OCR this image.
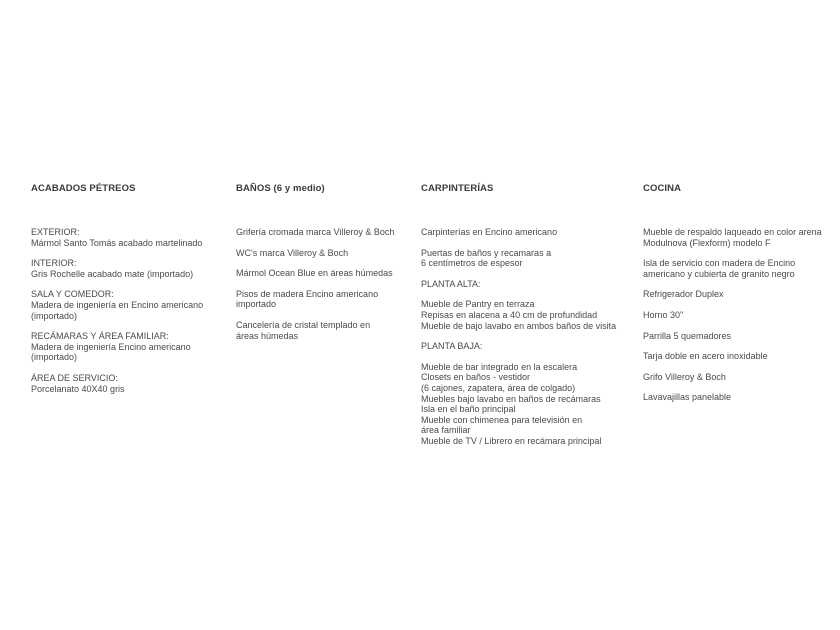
ACABADOS PÉTREOS

EXTERIOR:
Mármol Santo Tomás acabado martelinado

INTERIOR:
Gris Rochelle acabado mate (importado)

SALA Y COMEDOR:
Madera de ingeniería en Encino americano
(importado)

RECÁMARAS Y ÁREA FAMILIAR:
Madera de ingeniería Encino americano
(importado)

ÁREA DE SERVICIO:
Porcelanato 40X40 gris

BAÑOS (6 y medio)

Grifería cromada marca Villeroy & Boch

WC's marca Villeroy & Boch

Mármol Ocean Blue en áreas húmedas

Pisos de madera Encino americano
importado

Cancelería de cristal templado en
áreas húmedas

CARPINTERÍAS

Carpinterías en Encino americano

Puertas de baños y recamaras a
6 centímetros de espesor

PLANTA ALTA:

Mueble de Pantry en terraza
Repisas en alacena a 40 cm de profundidad
Mueble de bajo lavabo en ambos baños de visita

PLANTA BAJA:

Mueble de bar integrado en la escalera
Closets en baños - vestidor
(6 cajones, zapatera, área de colgado)
Muebles bajo lavabo en baños de recámaras
Isla en el baño principal
Mueble con chimenea para televisión en
área familiar
Mueble de TV / Librero en recámara principal

COCINA

Mueble de respaldo laqueado en color arena
Modulnova (Flexform) modelo F

Isla de servicio con madera de Encino
americano y cubierta de granito negro

Refrigerador Duplex

Horno 30"

Parrilla 5 quemadores

Tarja doble en acero inoxidable

Grifo Villeroy & Boch

Lavavajillas panelable
